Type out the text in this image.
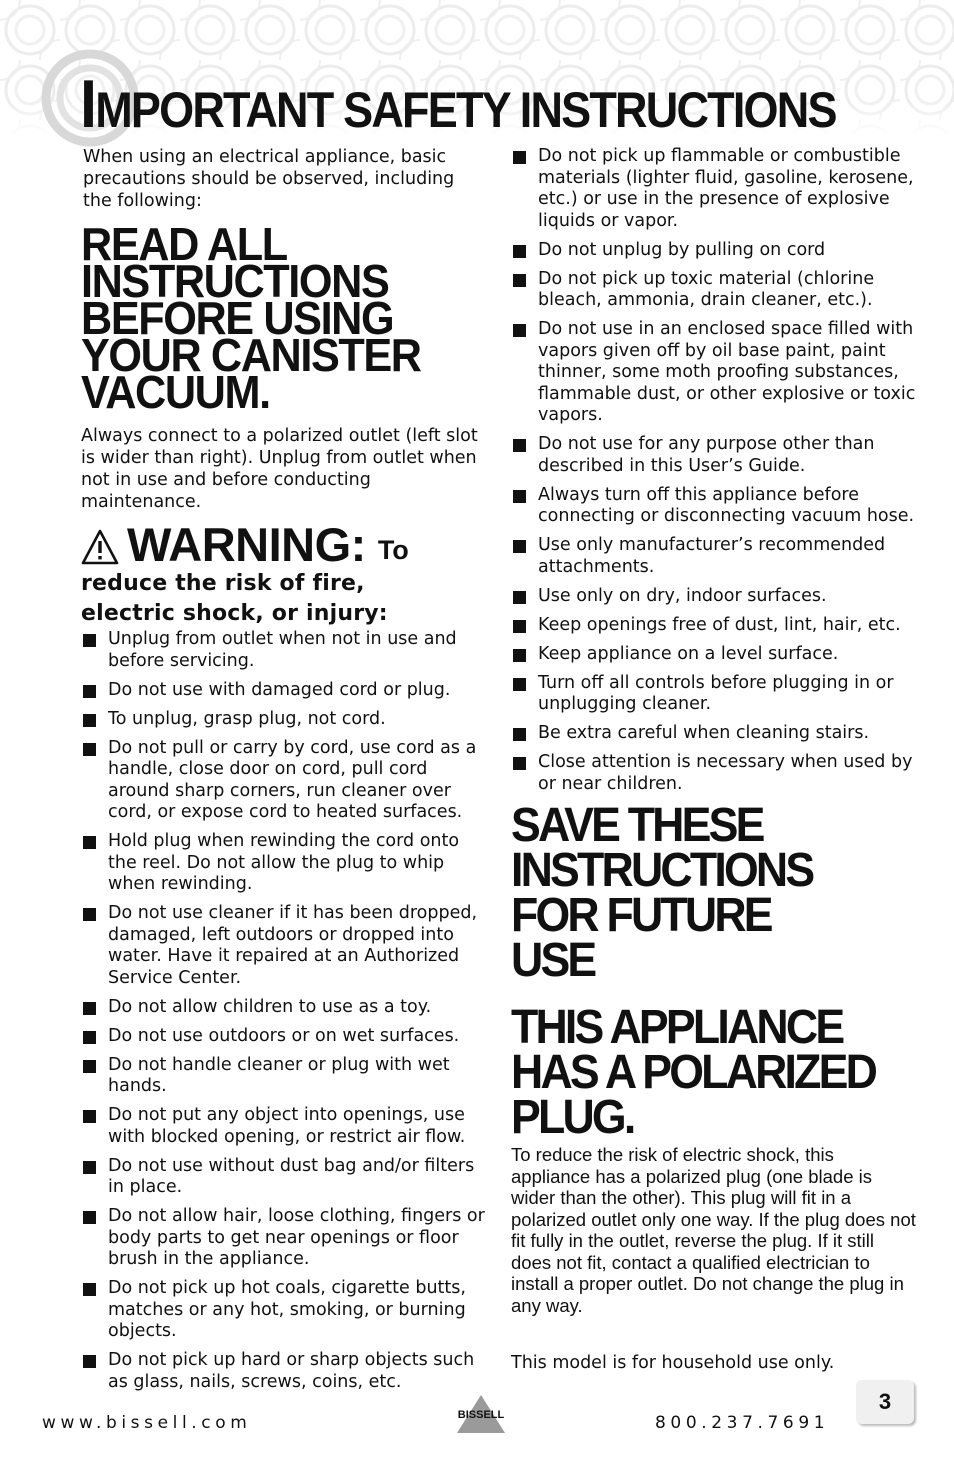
IMPORTANT SAFETY INSTRUCTIONS

When using an electrical appliance, basic precautions should be observed, including the following:

READ ALL
INSTRUCTIONS
BEFORE USING
YOUR CANISTER
VACUUM.

Always connect to a polarized outlet (left slot is wider than right). Unplug from outlet when not in use and before conducting maintenance.

WARNING: To
reduce the risk of fire,
electric shock, or injury:
Unplug from outlet when not in use and before servicing.
Do not use with damaged cord or plug.
To unplug, grasp plug, not cord.
Do not pull or carry by cord, use cord as a handle, close door on cord, pull cord around sharp corners, run cleaner over cord, or expose cord to heated surfaces.
Hold plug when rewinding the cord onto the reel. Do not allow the plug to whip when rewinding.
Do not use cleaner if it has been dropped, damaged, left outdoors or dropped into water. Have it repaired at an Authorized Service Center.
Do not allow children to use as a toy.
Do not use outdoors or on wet surfaces.
Do not handle cleaner or plug with wet hands.
Do not put any object into openings, use with blocked opening, or restrict air flow.
Do not use without dust bag and/or filters in place.
Do not allow hair, loose clothing, fingers or body parts to get near openings or floor brush in the appliance.
Do not pick up hot coals, cigarette butts, matches or any hot, smoking, or burning objects.
Do not pick up hard or sharp objects such as glass, nails, screws, coins, etc.
Do not pick up flammable or combustible materials (lighter fluid, gasoline, kerosene, etc.) or use in the presence of explosive liquids or vapor.
Do not unplug by pulling on cord
Do not pick up toxic material (chlorine bleach, ammonia, drain cleaner, etc.).
Do not use in an enclosed space filled with vapors given off by oil base paint, paint thinner, some moth proofing substances, flammable dust, or other explosive or toxic vapors.
Do not use for any purpose other than described in this User’s Guide.
Always turn off this appliance before connecting or disconnecting vacuum hose.
Use only manufacturer’s recommended attachments.
Use only on dry, indoor surfaces.
Keep openings free of dust, lint, hair, etc.
Keep appliance on a level surface.
Turn off all controls before plugging in or unplugging cleaner.
Be extra careful when cleaning stairs.
Close attention is necessary when used by or near children.
SAVE THESE
INSTRUCTIONS
FOR FUTURE
USE
THIS APPLIANCE
HAS A POLARIZED
PLUG.

To reduce the risk of electric shock, this appliance has a polarized plug (one blade is wider than the other). This plug will fit in a polarized outlet only one way. If the plug does not fit fully in the outlet, reverse the plug. If it still does not fit, contact a qualified electrician to install a proper outlet. Do not change the plug in any way.

This model is for household use only.

www.bissell.com	BISSELL	800.237.7691
3
